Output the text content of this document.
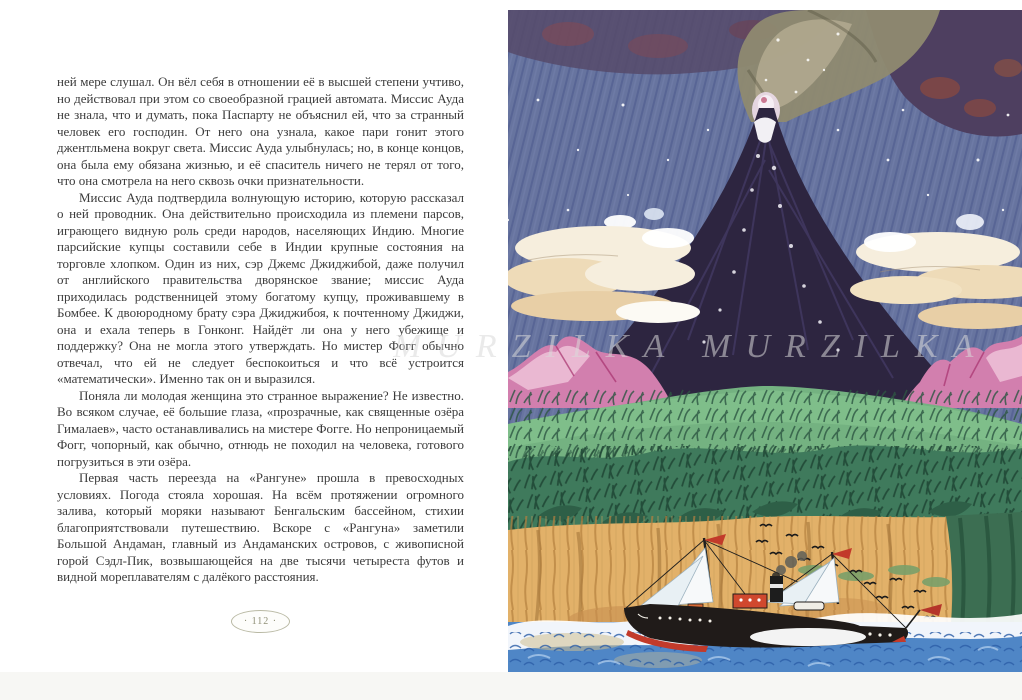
ней мере слушал. Он вёл себя в отношении её в высшей степени учтиво, но действовал при этом со своеобразной грацией автомата. Миссис Ауда не знала, что и думать, пока Паспарту не объяснил ей, что за странный человек его господин. От него она узнала, какое пари гонит этого джентльмена вокруг света. Миссис Ауда улыбнулась; но, в конце концов, она была ему обязана жизнью, и её спаситель ничего не терял от того, что она смотрела на него сквозь очки признательности.

Миссис Ауда подтвердила волнующую историю, которую рассказал о ней проводник. Она действительно происходила из племени парсов, играющего видную роль среди народов, населяющих Индию. Многие парсийские купцы составили себе в Индии крупные состояния на торговле хлопком. Один из них, сэр Джемс Джиджибой, даже получил от английского правительства дворянское звание; миссис Ауда приходилась родственницей этому богатому купцу, проживавшему в Бомбее. К двоюродному брату сэра Джиджибоя, к почтенному Джиджи, она и ехала теперь в Гонконг. Найдёт ли она у него убежище и поддержку? Она не могла этого утверждать. Но мистер Фогг обычно отвечал, что ей не следует беспокоиться и что всё устроится «математически». Именно так он и выразился.

Поняла ли молодая женщина это странное выражение? Не известно. Во всяком случае, её большие глаза, «прозрачные, как священные озёра Гималаев», часто останавливались на мистере Фогге. Но непроницаемый Фогг, чопорный, как обычно, отнюдь не походил на человека, готового погрузиться в эти озёра.

Первая часть переезда на «Рангуне» прошла в превосходных условиях. Погода стояла хорошая. На всём протяжении огромного залива, который моряки называют Бенгальским бассейном, стихии благоприятствовали путешествию. Вскоре с «Рангуна» заметили Большой Андаман, главный из Андаманских островов, с живописной горой Сэдл-Пик, возвышающейся на две тысячи четыреста футов и видной мореплавателям с далёкого расстояния.

· 112 ·
MURZILKA MURZILKA
